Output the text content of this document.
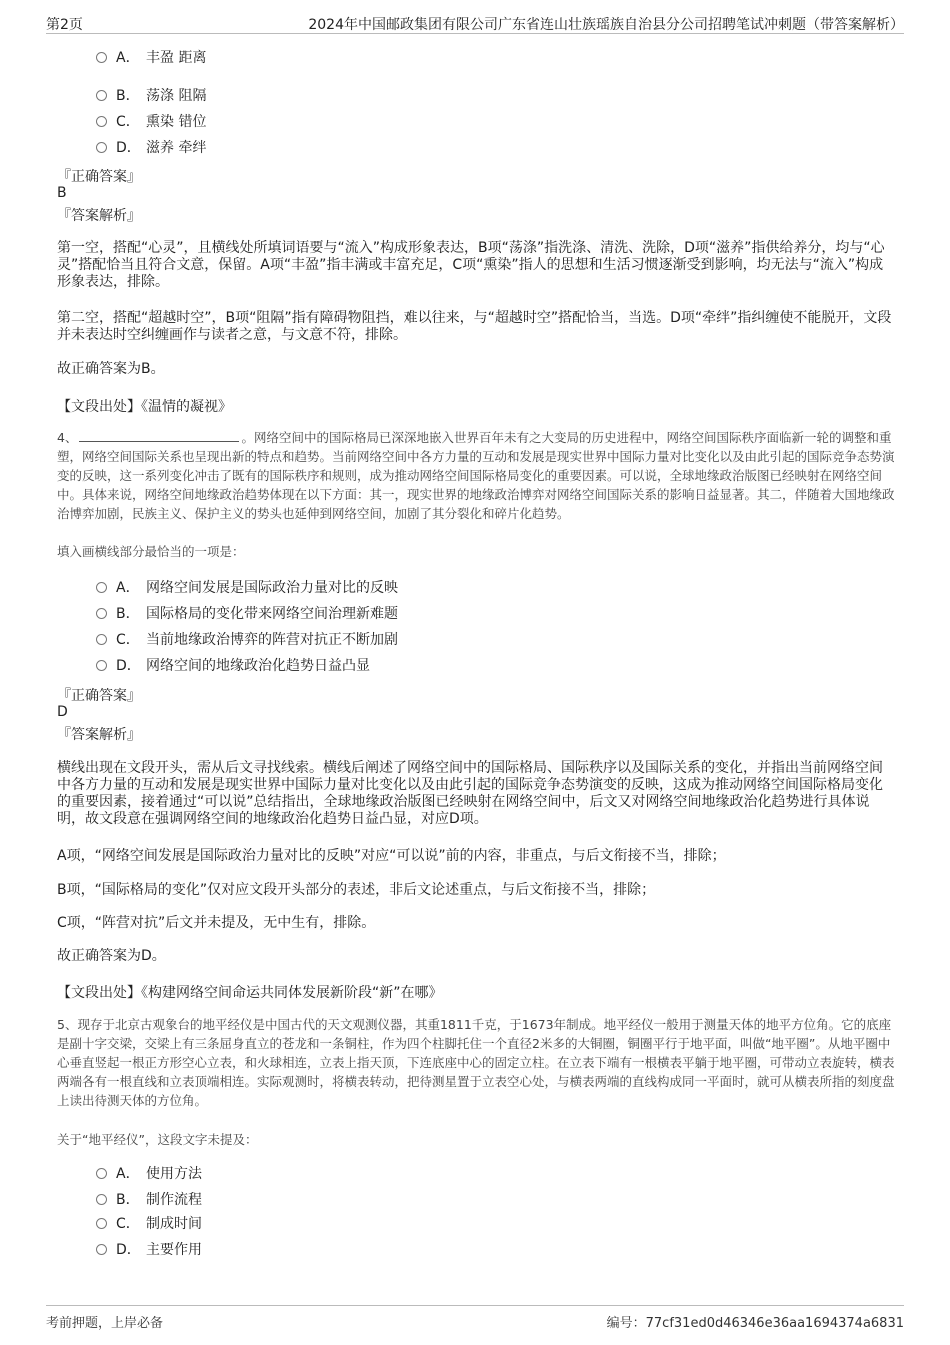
第2页	2024年中国邮政集团有限公司广东省连山壮族瑶族自治县分公司招聘笔试冲刺题（带答案解析）
A． 丰盈 距离
B． 荡涤 阻隔
C． 熏染 错位
D． 滋养 牵绊
『正确答案』
B
『答案解析』
第一空，搭配“心灵”，且横线处所填词语要与“流入”构成形象表达，B项“荡涤”指洗涤、清洗、洗除，D项“滋养”指供给养分，均与“心灵”搭配恰当且符合文意，保留。A项“丰盈”指丰满或丰富充足，C项“熏染”指人的思想和生活习惯逐渐受到影响，均无法与“流入”构成形象表达，排除。
第二空，搭配“超越时空”，B项“阻隔”指有障碍物阻挡，难以往来，与“超越时空”搭配恰当，当选。D项“牵绊”指纠缠使不能脱开，文段并未表达时空纠缠画作与读者之意，与文意不符，排除。
故正确答案为B。
【文段出处】《温情的凝视》
4、	。网络空间中的国际格局已深深地嵌入世界百年未有之大变局的历史进程中，网络空间国际秩序面临新一轮的调整和重塑，网络空间国际关系也呈现出新的特点和趋势。当前网络空间中各方力量的互动和发展是现实世界中国际力量对比变化以及由此引起的国际竞争态势演变的反映，这一系列变化冲击了既有的国际秩序和规则，成为推动网络空间国际格局变化的重要因素。可以说，全球地缘政治版图已经映射在网络空间中。具体来说，网络空间地缘政治趋势体现在以下方面：其一，现实世界的地缘政治博弈对网络空间国际关系的影响日益显著。其二，伴随着大国地缘政治博弈加剧，民族主义、保护主义的势头也延伸到网络空间，加剧了其分裂化和碎片化趋势。
填入画横线部分最恰当的一项是：
A． 网络空间发展是国际政治力量对比的反映
B． 国际格局的变化带来网络空间治理新难题
C． 当前地缘政治博弈的阵营对抗正不断加剧
D． 网络空间的地缘政治化趋势日益凸显
『正确答案』
D
『答案解析』
横线出现在文段开头，需从后文寻找线索。横线后阐述了网络空间中的国际格局、国际秩序以及国际关系的变化，并指出当前网络空间中各方力量的互动和发展是现实世界中国际力量对比变化以及由此引起的国际竞争态势演变的反映，这成为推动网络空间国际格局变化的重要因素，接着通过“可以说”总结指出，全球地缘政治版图已经映射在网络空间中，后文又对网络空间地缘政治化趋势进行具体说明，故文段意在强调网络空间的地缘政治化趋势日益凸显，对应D项。
A项，“网络空间发展是国际政治力量对比的反映”对应“可以说”前的内容，非重点，与后文衔接不当，排除；
B项，“国际格局的变化”仅对应文段开头部分的表述，非后文论述重点，与后文衔接不当，排除；
C项，“阵营对抗”后文并未提及，无中生有，排除。
故正确答案为D。
【文段出处】《构建网络空间命运共同体发展新阶段“新”在哪》
5、现存于北京古观象台的地平经仪是中国古代的天文观测仪器，其重1811千克，于1673年制成。地平经仪一般用于测量天体的地平方位角。它的底座是副十字交梁，交梁上有三条屈身直立的苍龙和一条铜柱，作为四个柱脚托住一个直径2米多的大铜圈，铜圈平行于地平面，叫做“地平圈”。从地平圈中心垂直竖起一根正方形空心立表，和火球相连，立表上指天顶，下连底座中心的固定立柱。在立表下端有一根横表平躺于地平圈，可带动立表旋转，横表两端各有一根直线和立表顶端相连。实际观测时，将横表转动，把待测星置于立表空心处，与横表两端的直线构成同一平面时，就可从横表所指的刻度盘上读出待测天体的方位角。
关于“地平经仪”，这段文字未提及：
A． 使用方法
B． 制作流程
C． 制成时间
D． 主要作用
考前押题，上岸必备	编号：77cf31ed0d46346e36aa1694374a6831
